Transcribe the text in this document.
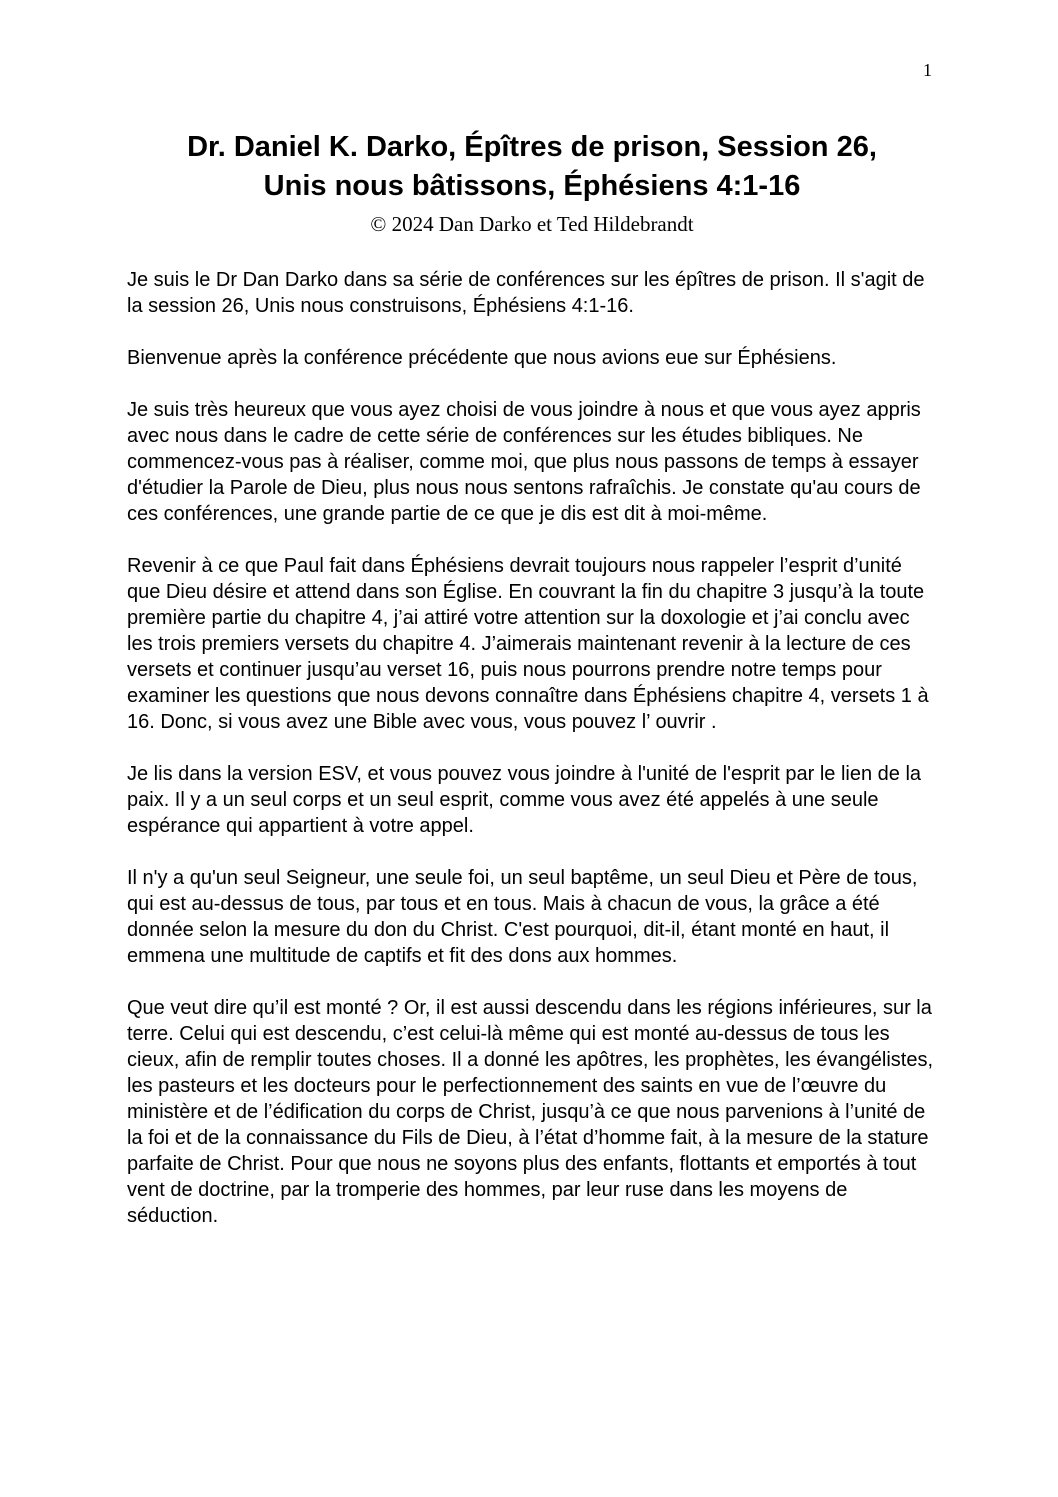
1
Dr. Daniel K. Darko, Épîtres de prison, Session 26,
Unis nous bâtissons, Éphésiens 4:1-16
© 2024 Dan Darko et Ted Hildebrandt

Je suis le Dr Dan Darko dans sa série de conférences sur les épîtres de prison. Il s'agit de la session 26, Unis nous construisons, Éphésiens 4:1-16.

Bienvenue après la conférence précédente que nous avions eue sur Éphésiens.

Je suis très heureux que vous ayez choisi de vous joindre à nous et que vous ayez appris avec nous dans le cadre de cette série de conférences sur les études bibliques. Ne commencez-vous pas à réaliser, comme moi, que plus nous passons de temps à essayer d'étudier la Parole de Dieu, plus nous nous sentons rafraîchis. Je constate qu'au cours de ces conférences, une grande partie de ce que je dis est dit à moi-même.

Revenir à ce que Paul fait dans Éphésiens devrait toujours nous rappeler l’esprit d’unité que Dieu désire et attend dans son Église. En couvrant la fin du chapitre 3 jusqu’à la toute première partie du chapitre 4, j’ai attiré votre attention sur la doxologie et j’ai conclu avec les trois premiers versets du chapitre 4. J’aimerais maintenant revenir à la lecture de ces versets et continuer jusqu’au verset 16, puis nous pourrons prendre notre temps pour examiner les questions que nous devons connaître dans Éphésiens chapitre 4, versets 1 à 16. Donc, si vous avez une Bible avec vous, vous pouvez l’ ouvrir .

Je lis dans la version ESV, et vous pouvez vous joindre à l'unité de l'esprit par le lien de la paix. Il y a un seul corps et un seul esprit, comme vous avez été appelés à une seule espérance qui appartient à votre appel.

Il n'y a qu'un seul Seigneur, une seule foi, un seul baptême, un seul Dieu et Père de tous, qui est au-dessus de tous, par tous et en tous. Mais à chacun de vous, la grâce a été donnée selon la mesure du don du Christ. C'est pourquoi, dit-il, étant monté en haut, il emmena une multitude de captifs et fit des dons aux hommes.

Que veut dire qu’il est monté ? Or, il est aussi descendu dans les régions inférieures, sur la terre. Celui qui est descendu, c’est celui-là même qui est monté au-dessus de tous les cieux, afin de remplir toutes choses. Il a donné les apôtres, les prophètes, les évangélistes, les pasteurs et les docteurs pour le perfectionnement des saints en vue de l’œuvre du ministère et de l’édification du corps de Christ, jusqu’à ce que nous parvenions à l’unité de la foi et de la connaissance du Fils de Dieu, à l’état d’homme fait, à la mesure de la stature parfaite de Christ. Pour que nous ne soyons plus des enfants, flottants et emportés à tout vent de doctrine, par la tromperie des hommes, par leur ruse dans les moyens de séduction.
